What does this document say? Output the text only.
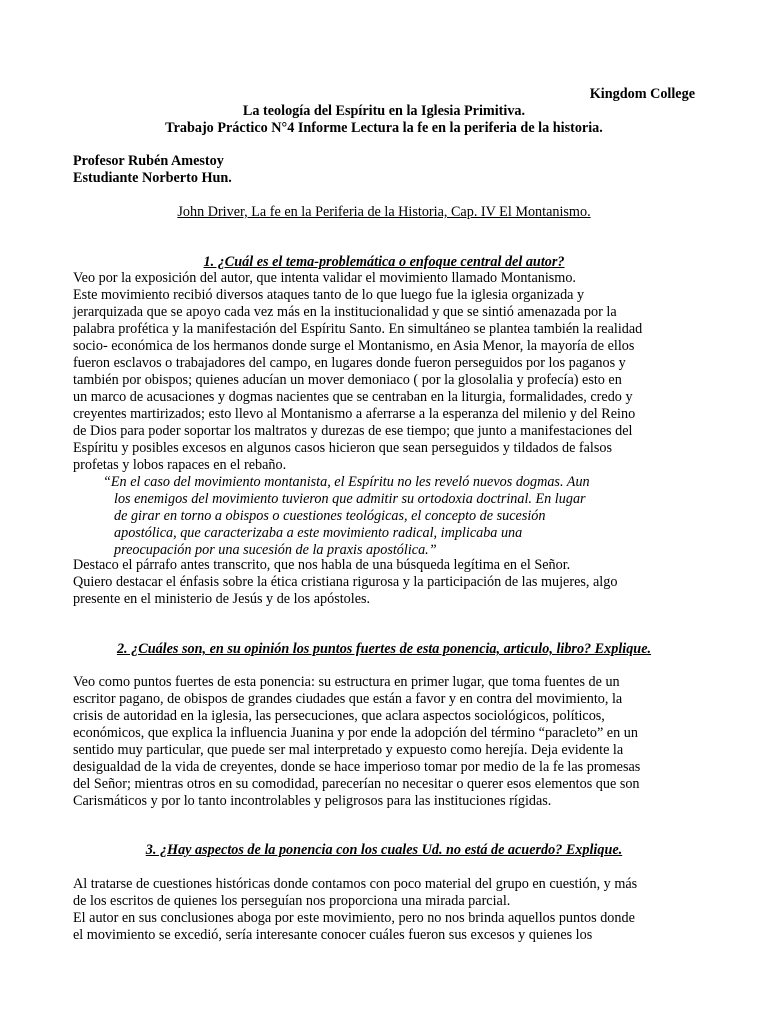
Kingdom College
La teología del Espíritu en la Iglesia Primitiva.
Trabajo Práctico N°4 Informe Lectura la fe en la periferia de la historia.
Profesor Rubén Amestoy
Estudiante Norberto Hun.
John Driver, La fe en la Periferia de la Historia, Cap. IV El Montanismo.
1. ¿Cuál es el tema-problemática o enfoque central del autor?
Veo por la exposición del autor, que intenta validar el movimiento llamado Montanismo.
Este movimiento recibió diversos ataques tanto de lo que luego fue la iglesia organizada y
jerarquizada que se apoyo cada vez más en la institucionalidad y que se sintió amenazada por la
palabra profética y la manifestación del Espíritu Santo. En simultáneo se plantea también la realidad
socio- económica de los hermanos donde surge el Montanismo, en Asia Menor, la mayoría de ellos
fueron esclavos o trabajadores del campo, en lugares donde fueron perseguidos por los paganos y
también por obispos; quienes aducían un mover demoniaco ( por la glosolalia y profecía) esto en
un marco de acusaciones y dogmas nacientes que se centraban en la liturgia, formalidades, credo y
creyentes martirizados; esto llevo al Montanismo a aferrarse a la esperanza del milenio y del Reino
de Dios para poder soportar los maltratos y durezas de ese tiempo; que junto a manifestaciones del
Espíritu y posibles excesos en algunos casos hicieron que sean perseguidos y tildados de falsos
profetas y lobos rapaces en el rebaño.
“En el caso del movimiento montanista, el Espíritu no les reveló nuevos dogmas. Aun
los enemigos del movimiento tuvieron que admitir su ortodoxia doctrinal. En lugar
de girar en torno a obispos o cuestiones teológicas, el concepto de sucesión
apostólica, que caracterizaba a este movimiento radical, implicaba una
preocupación por una sucesión de la praxis apostólica.”
Destaco el párrafo antes transcrito, que nos habla de una búsqueda legítima en el Señor.
Quiero destacar el énfasis sobre la ética cristiana rigurosa y la participación de las mujeres, algo
presente en el ministerio de Jesús y de los apóstoles.
2. ¿Cuáles son, en su opinión los puntos fuertes de esta ponencia, articulo, libro? Explique.
Veo como puntos fuertes de esta ponencia: su estructura en primer lugar, que toma fuentes de un
escritor pagano, de obispos de grandes ciudades que están a favor y en contra del movimiento, la
crisis de autoridad en la iglesia, las persecuciones, que aclara aspectos sociológicos, políticos,
económicos, que explica la influencia Juanina y por ende la adopción del término “paracleto” en un
sentido muy particular, que puede ser mal interpretado y expuesto como herejía. Deja evidente la
desigualdad de la vida de creyentes, donde se hace imperioso tomar por medio de la fe las promesas
del Señor; mientras otros en su comodidad, parecerían no necesitar o querer esos elementos que son
Carismáticos y por lo tanto incontrolables y peligrosos para las instituciones rígidas.
3. ¿Hay aspectos de la ponencia con los cuales Ud. no está de acuerdo? Explique.
Al tratarse de cuestiones históricas donde contamos con poco material del grupo en cuestión, y más
de los escritos de quienes los perseguían nos proporciona una mirada parcial.
El autor en sus conclusiones aboga por este movimiento, pero no nos brinda aquellos puntos donde
el movimiento se excedió, sería interesante conocer cuáles fueron sus excesos y quienes los
